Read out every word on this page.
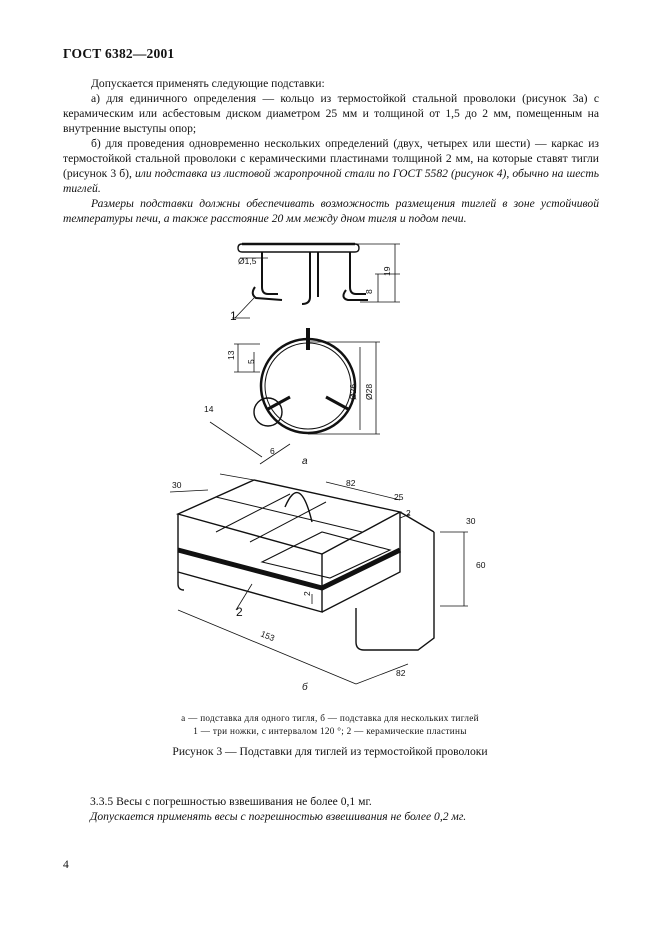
ГОСТ 6382—2001

Допускается применять следующие подставки:

а) для единичного определения — кольцо из термостойкой стальной проволоки (рисунок 3а) с керамическим или асбестовым диском диаметром 25 мм и толщиной от 1,5 до 2 мм, помещенным на внутренние выступы опор;

б) для проведения одновременно нескольких определений (двух, четырех или шести) — каркас из термостойкой стальной проволоки с керамическими пластинами толщиной 2 мм, на которые ставят тигли (рисунок 3 б), или подставка из листовой жаропрочной стали по ГОСТ 5582 (рисунок 4), обычно на шесть тиглей.

Размеры подставки должны обеспечивать возможность размещения тиглей в зоне устойчивой температуры печи, а также расстояние 20 мм между дном тигля и подом печи.

Ø1,5
19
8
1
13
5
Ø26 Ø28
14
6
а
30	82
25
2
30
60
2
2
153
82
б
а — подставка для одного тигля, б — подставка для нескольких тиглей
1 — три ножки, с интервалом 120 °; 2 — керамические пластины
Рисунок 3 — Подставки для тиглей из термостойкой проволоки
3.3.5 Весы с погрешностью взвешивания не более 0,1 мг.
Допускается применять весы с погрешностью взвешивания не более 0,2 мг.
4
